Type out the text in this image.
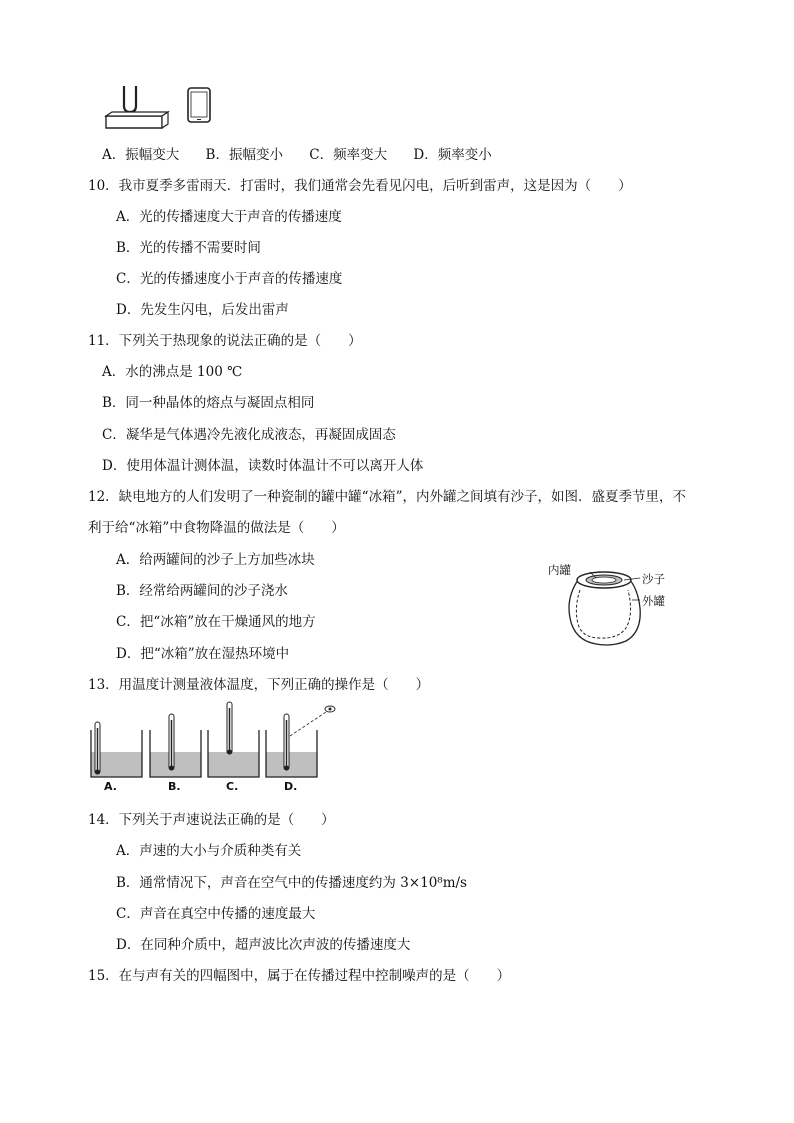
A．振幅变大 B．振幅变小 C．频率变大 D．频率变小
10．我市夏季多雷雨天．打雷时，我们通常会先看见闪电，后听到雷声，这是因为（　　）
A．光的传播速度大于声音的传播速度
B．光的传播不需要时间
C．光的传播速度小于声音的传播速度
D．先发生闪电，后发出雷声
11．下列关于热现象的说法正确的是（　　）
A．水的沸点是 100 ℃
B．同一种晶体的熔点与凝固点相同
C．凝华是气体遇冷先液化成液态，再凝固成固态
D．使用体温计测体温，读数时体温计不可以离开人体
12．缺电地方的人们发明了一种瓷制的罐中罐“冰箱”，内外罐之间填有沙子，如图．盛夏季节里，不
利于给“冰箱”中食物降温的做法是（　　）
A．给两罐间的沙子上方加些冰块
B．经常给两罐间的沙子浇水
C．把“冰箱”放在干燥通风的地方
D．把“冰箱”放在湿热环境中
内罐
沙子
外罐
13．用温度计测量液体温度，下列正确的操作是（　　）
A.	B.	C.	D.
14．下列关于声速说法正确的是（　　）
A．声速的大小与介质种类有关
B．通常情况下，声音在空气中的传播速度约为 3×10⁸m/s
C．声音在真空中传播的速度最大
D．在同种介质中，超声波比次声波的传播速度大
15．在与声有关的四幅图中，属于在传播过程中控制噪声的是（　　）
